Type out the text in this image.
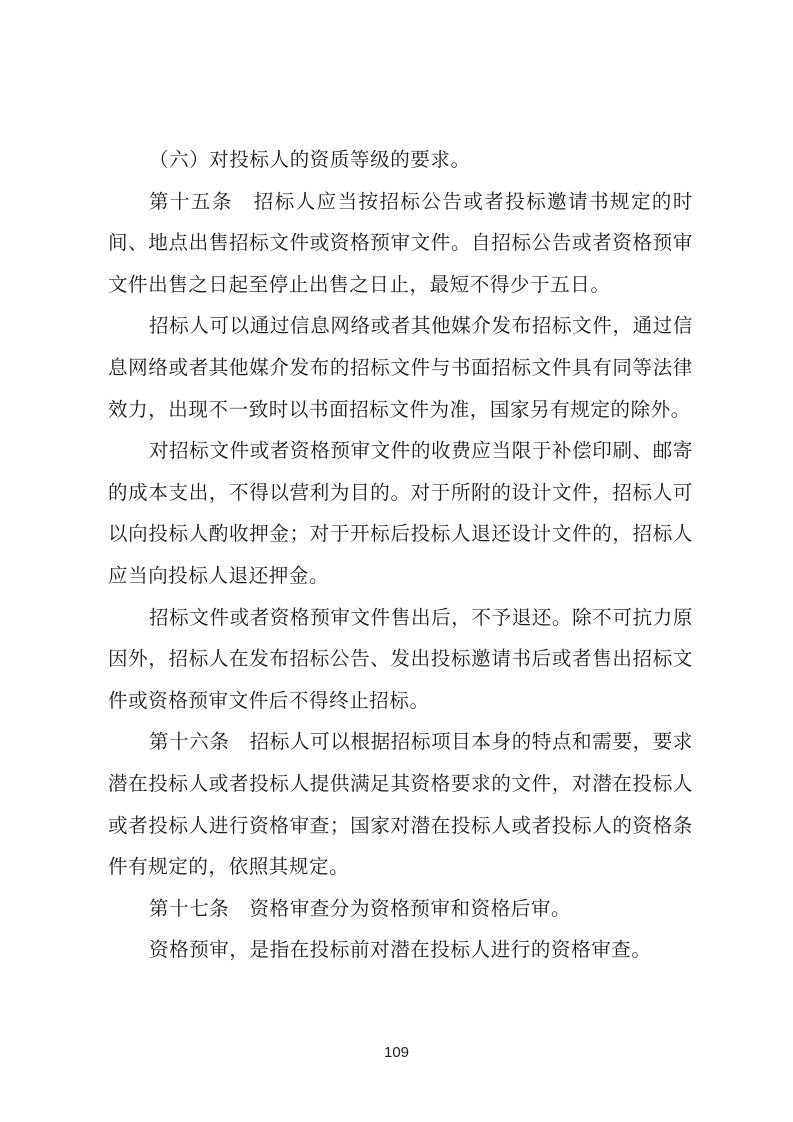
（六）对投标人的资质等级的要求。

第十五条　招标人应当按招标公告或者投标邀请书规定的时间、地点出售招标文件或资格预审文件。自招标公告或者资格预审文件出售之日起至停止出售之日止，最短不得少于五日。

招标人可以通过信息网络或者其他媒介发布招标文件，通过信息网络或者其他媒介发布的招标文件与书面招标文件具有同等法律效力，出现不一致时以书面招标文件为准，国家另有规定的除外。

对招标文件或者资格预审文件的收费应当限于补偿印刷、邮寄的成本支出，不得以营利为目的。对于所附的设计文件，招标人可以向投标人酌收押金；对于开标后投标人退还设计文件的，招标人应当向投标人退还押金。

招标文件或者资格预审文件售出后，不予退还。除不可抗力原因外，招标人在发布招标公告、发出投标邀请书后或者售出招标文件或资格预审文件后不得终止招标。

第十六条　招标人可以根据招标项目本身的特点和需要，要求潜在投标人或者投标人提供满足其资格要求的文件，对潜在投标人或者投标人进行资格审查；国家对潜在投标人或者投标人的资格条件有规定的，依照其规定。

第十七条　资格审查分为资格预审和资格后审。

资格预审，是指在投标前对潜在投标人进行的资格审查。

109
